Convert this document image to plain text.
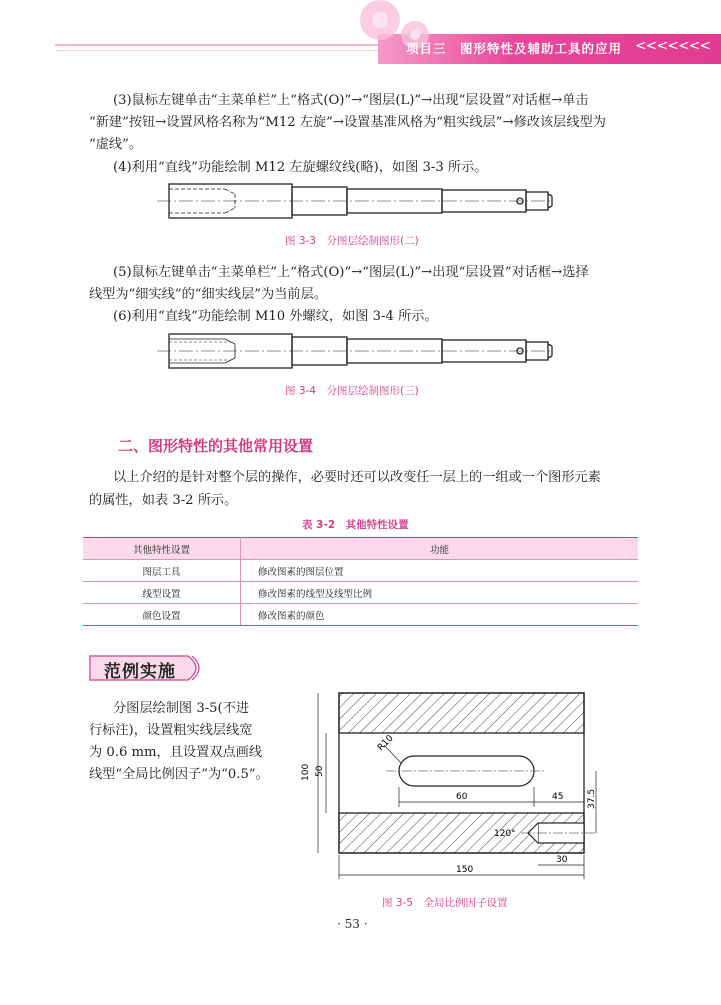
项目三　图形特性及辅助工具的应用 <<<<<<<

(3)鼠标左键单击“主菜单栏”上“格式(O)”→“图层(L)”→出现“层设置”对话框→单击

“新建”按钮→设置风格名称为“M12 左旋”→设置基准风格为“粗实线层”→修改该层线型为

“虚线”。

(4)利用“直线”功能绘制 M12 左旋螺纹线(略)，如图 3-3 所示。

图 3-3　分图层绘制图形(二)

(5)鼠标左键单击“主菜单栏”上“格式(O)”→“图层(L)”→出现“层设置”对话框→选择

线型为“细实线”的“细实线层”为当前层。

(6)利用“直线”功能绘制 M10 外螺纹，如图 3-4 所示。

图 3-4　分图层绘制图形(三)
二、图形特性的其他常用设置

以上介绍的是针对整个层的操作，必要时还可以改变任一层上的一组或一个图形元素

的属性，如表 3-2 所示。

表 3-2　其他特性设置
其他特性设置	功能
图层工具	修改图素的图层位置
线型设置	修改图素的线型及线型比例
颜色设置	修改图素的颜色
范例实施

分图层绘制图 3-5(不进

行标注)，设置粗实线层线宽

为 0.6 mm，且设置双点画线

线型“全局比例因子”为“0.5”。	100 50
R10
60	45	37.5
150
30
120°
图 3-5　全局比例因子设置
· 53 ·
